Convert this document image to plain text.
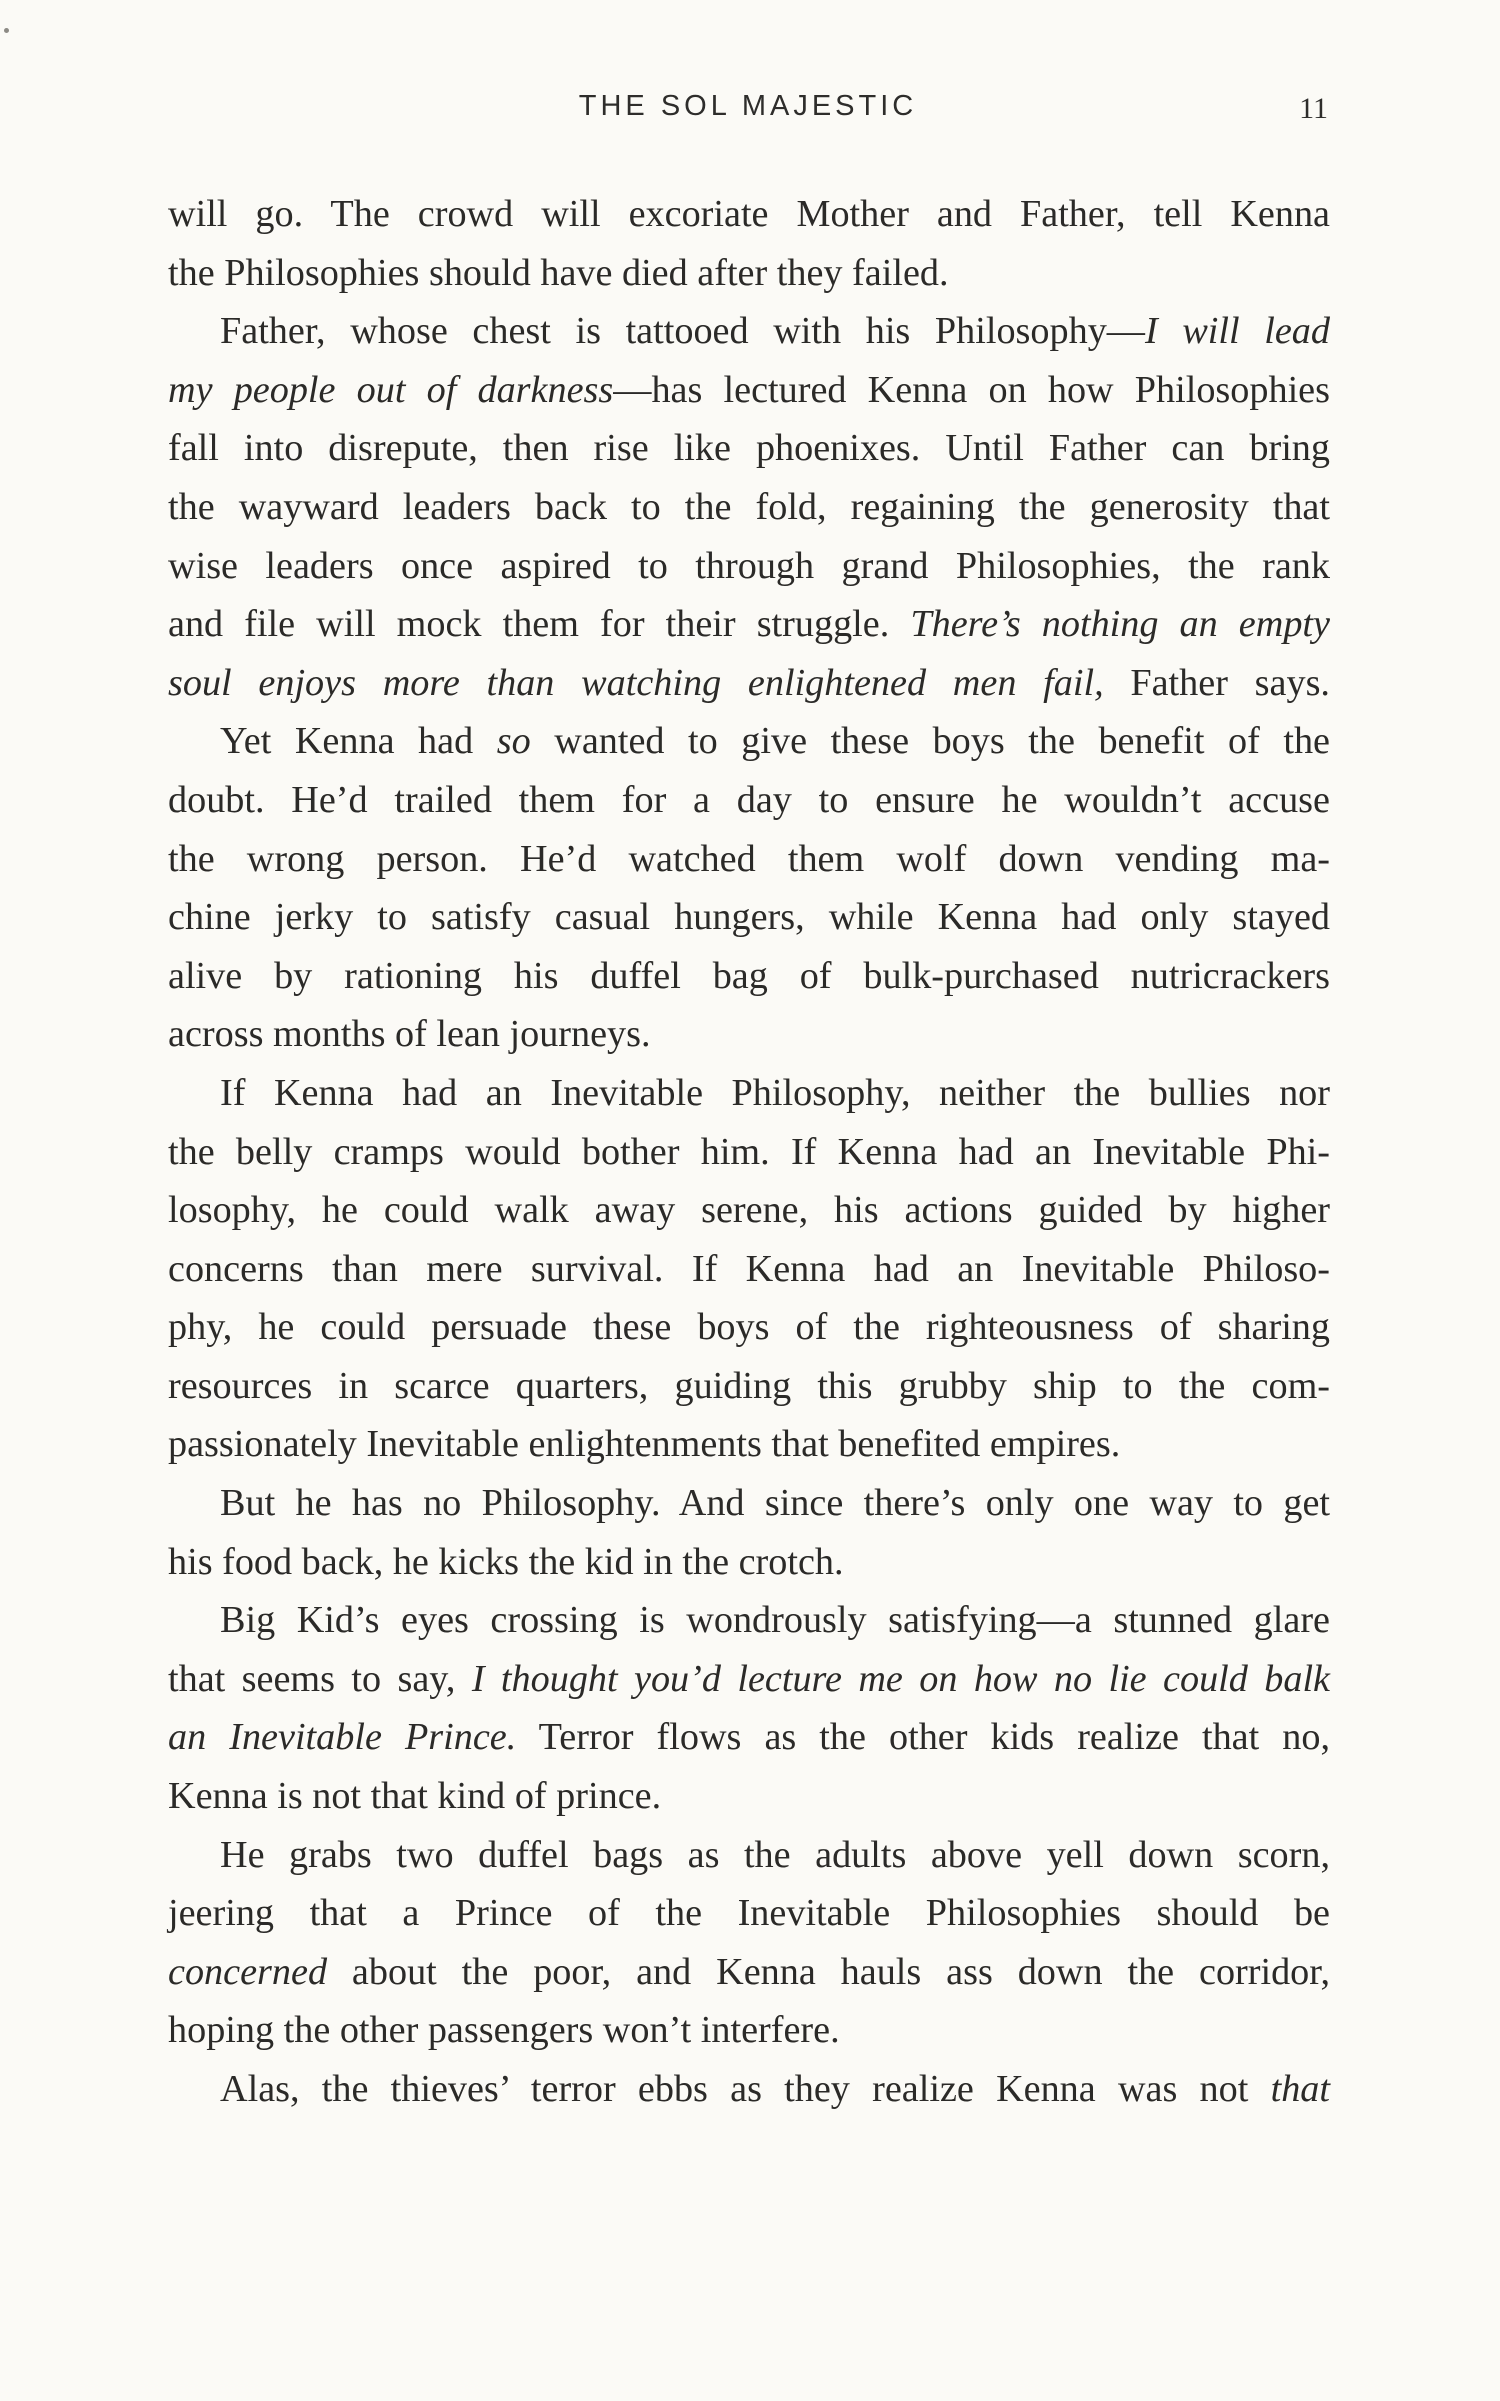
THE SOL MAJESTIC	11
will go. The crowd will excoriate Mother and Father, tell Kenna
the Philosophies should have died after they failed.
Father, whose chest is tattooed with his Philosophy—I will lead
my people out of darkness—has lectured Kenna on how Philosophies
fall into disrepute, then rise like phoenixes. Until Father can bring
the wayward leaders back to the fold, regaining the generosity that
wise leaders once aspired to through grand Philosophies, the rank
and file will mock them for their struggle. There’s nothing an empty
soul enjoys more than watching enlightened men fail, Father says.
Yet Kenna had so wanted to give these boys the benefit of the
doubt. He’d trailed them for a day to ensure he wouldn’t accuse
the wrong person. He’d watched them wolf down vending ma-
chine jerky to satisfy casual hungers, while Kenna had only stayed
alive by rationing his duffel bag of bulk-purchased nutricrackers
across months of lean journeys.
If Kenna had an Inevitable Philosophy, neither the bullies nor
the belly cramps would bother him. If Kenna had an Inevitable Phi-
losophy, he could walk away serene, his actions guided by higher
concerns than mere survival. If Kenna had an Inevitable Philoso-
phy, he could persuade these boys of the righteousness of sharing
resources in scarce quarters, guiding this grubby ship to the com-
passionately Inevitable enlightenments that benefited empires.
But he has no Philosophy. And since there’s only one way to get
his food back, he kicks the kid in the crotch.
Big Kid’s eyes crossing is wondrously satisfying—a stunned glare
that seems to say, I thought you’d lecture me on how no lie could balk
an Inevitable Prince. Terror flows as the other kids realize that no,
Kenna is not that kind of prince.
He grabs two duffel bags as the adults above yell down scorn,
jeering that a Prince of the Inevitable Philosophies should be
concerned about the poor, and Kenna hauls ass down the corridor,
hoping the other passengers won’t interfere.
Alas, the thieves’ terror ebbs as they realize Kenna was not that
